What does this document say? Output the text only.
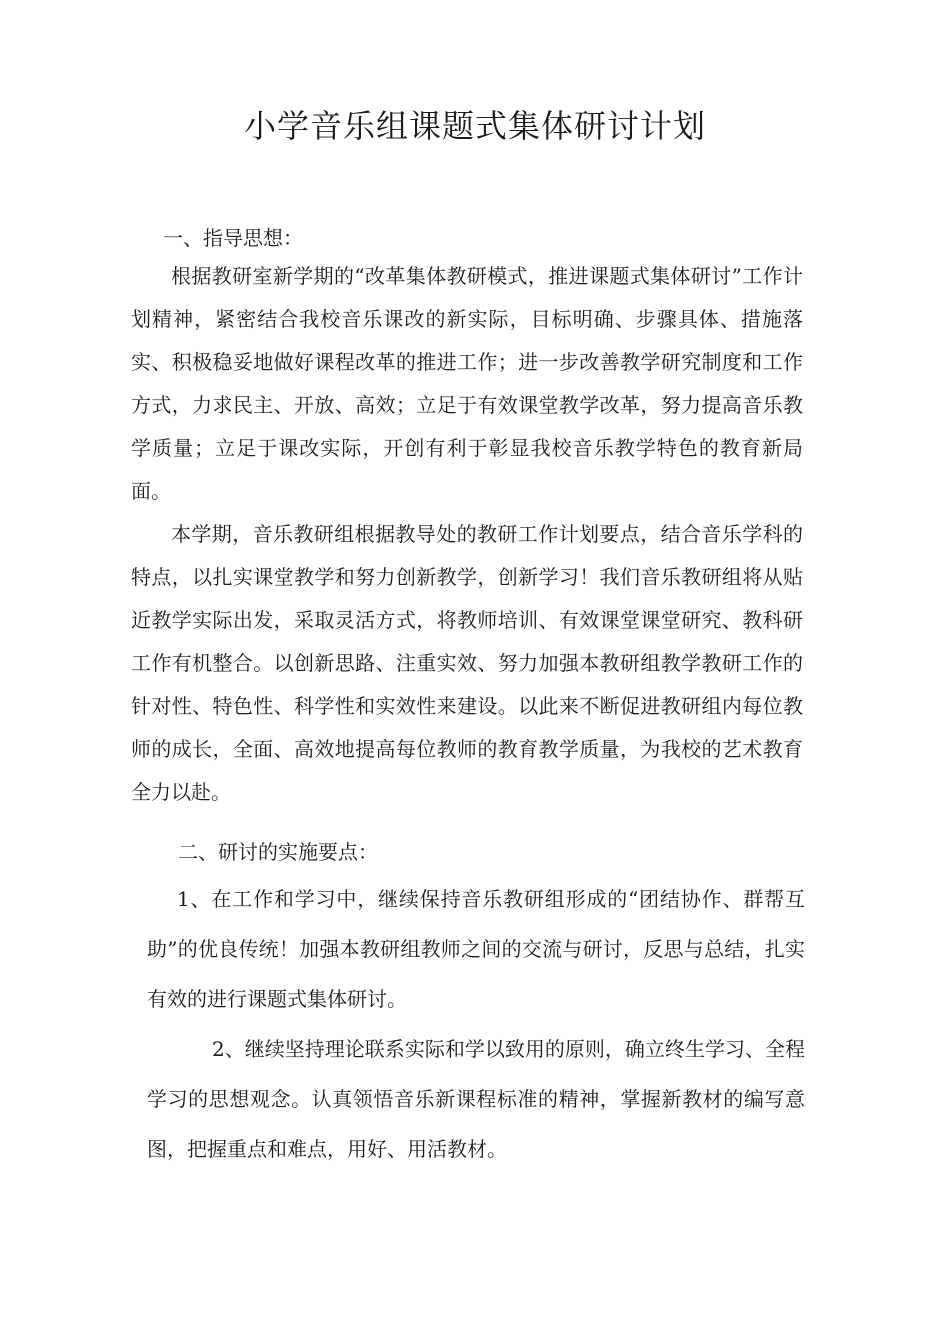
小学音乐组课题式集体研讨计划

一、指导思想：

根据教研室新学期的“改革集体教研模式，推进课题式集体研讨”工作计划精神，紧密结合我校音乐课改的新实际，目标明确、步骤具体、措施落实、积极稳妥地做好课程改革的推进工作；进一步改善教学研究制度和工作方式，力求民主、开放、高效；立足于有效课堂教学改革，努力提高音乐教学质量；立足于课改实际，开创有利于彰显我校音乐教学特色的教育新局面。

本学期，音乐教研组根据教导处的教研工作计划要点，结合音乐学科的特点，以扎实课堂教学和努力创新教学，创新学习！我们音乐教研组将从贴近教学实际出发，采取灵活方式，将教师培训、有效课堂课堂研究、教科研工作有机整合。以创新思路、注重实效、努力加强本教研组教学教研工作的针对性、特色性、科学性和实效性来建设。以此来不断促进教研组内每位教师的成长，全面、高效地提高每位教师的教育教学质量，为我校的艺术教育全力以赴。

二、研讨的实施要点：

1、在工作和学习中，继续保持音乐教研组形成的“团结协作、群帮互助”的优良传统！加强本教研组教师之间的交流与研讨，反思与总结，扎实有效的进行课题式集体研讨。

2、继续坚持理论联系实际和学以致用的原则，确立终生学习、全程学习的思想观念。认真领悟音乐新课程标准的精神，掌握新教材的编写意图，把握重点和难点，用好、用活教材。
